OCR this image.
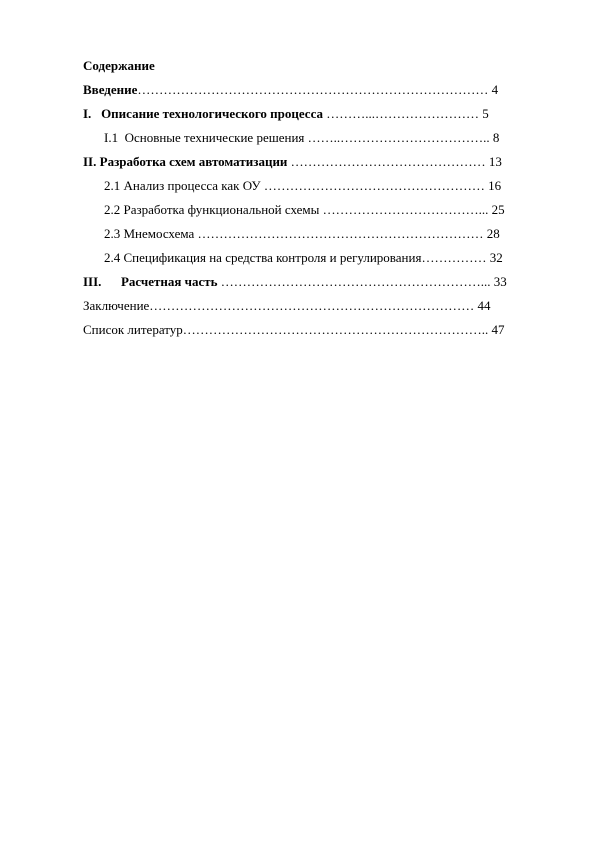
Содержание
Введение……………………………………………………………………… 4
I. Описание технологического процесса ………...…………………… 5
I.1 Основные технические решения ……..…………………………….. 8
II. Разработка схем автоматизации ……………………………………… 13
2.1 Анализ процесса как ОУ …………………………………………… 16
2.2 Разработка функциональной схемы ………………………………... 25
2.3 Мнемосхема ………………………………………………………… 28
2.4 Спецификация на средства контроля и регулирования…………… 32
III. Расчетная часть ……………………………………………………... 33
Заключение………………………………………………………………… 44
Список литератур…………………………………………………………….. 47
